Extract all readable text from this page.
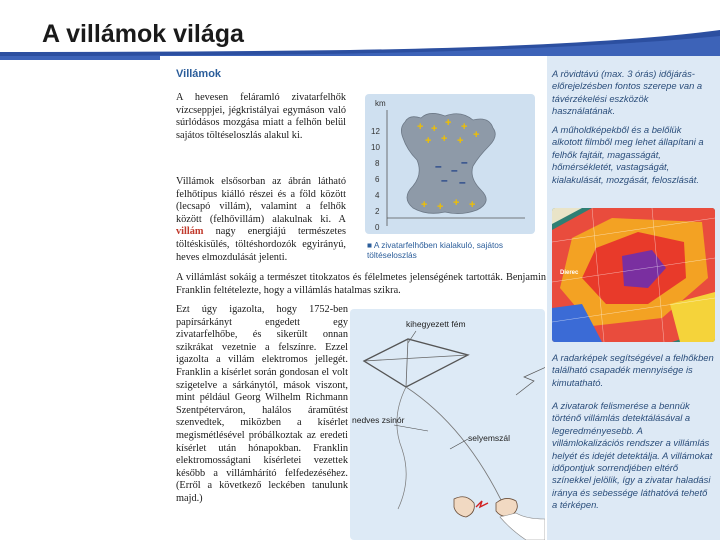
A villámok világa
Villámok
A hevesen feláramló zivatarfelhők vízcseppjei, jégkristályai egymáson való súrlódásos mozgása miatt a felhőn belül sajátos töltéseloszlás alakul ki.
Villámok elsősorban az ábrán látható felhőtípus kiálló részei és a föld között (lecsapó villám), valamint a felhők között (felhővillám) alakulnak ki. A villám nagy energiájú természetes töltéskisülés, töltéshordozók egyirányú, heves elmozdulását jelenti.
km
12
10
8
6
4
2
0
+ + + +
+ + + +
+ + + +
– –
–
– –
■ A zivatarfelhőben kialakuló, sajátos töltéseloszlás
A villámlást sokáig a természet titokzatos és félelmetes jelenségének tartották. Benjamin Franklin feltételezte, hogy a villámlás hatalmas szikra.
Ezt úgy igazolta, hogy 1752-ben papírsárkányt engedett egy zivatarfelhőbe, és sikerült onnan szikrákat vezetnie a felszínre. Ezzel igazolta a villám elektromos jellegét. Franklin a kísérlet során gondosan el volt szigetelve a sárkánytól, mások viszont, mint például Georg Wilhelm Richmann Szentpéterváron, halálos áramütést szenvedtek, miközben a kísérlet megismétlésével próbálkoztak az eredeti kísérlet után hónapokban. Franklin elektromosságtani kísérletei vezettek később a villámhárító felfedezéséhez. (Erről a következő leckében tanulunk majd.)
kihegyezett fém
nedves zsinór
selyemszál
A rövidtávú (max. 3 órás) időjárás-előrejelzésben fontos szerepe van a távérzékelési eszközök használatának.
A műholdképekből és a belőlük alkotott filmből meg lehet állapítani a felhők fajtáit, magasságát, hőmérsékletét, vastagságát, kialakulását, mozgását, feloszlását.
Dierec
A radarképek segítségével a felhőkben található csapadék mennyisége is kimutatható.
A zivatarok felismerése a bennük történő villámlás detektálásával a legeredményesebb. A villámlokalizációs rendszer a villámlás helyét és idejét detektálja. A villámokat időpontjuk sorrendjében eltérő színekkel jelölik, így a zivatar haladási iránya és sebessége láthatóvá tehető a térképen.
